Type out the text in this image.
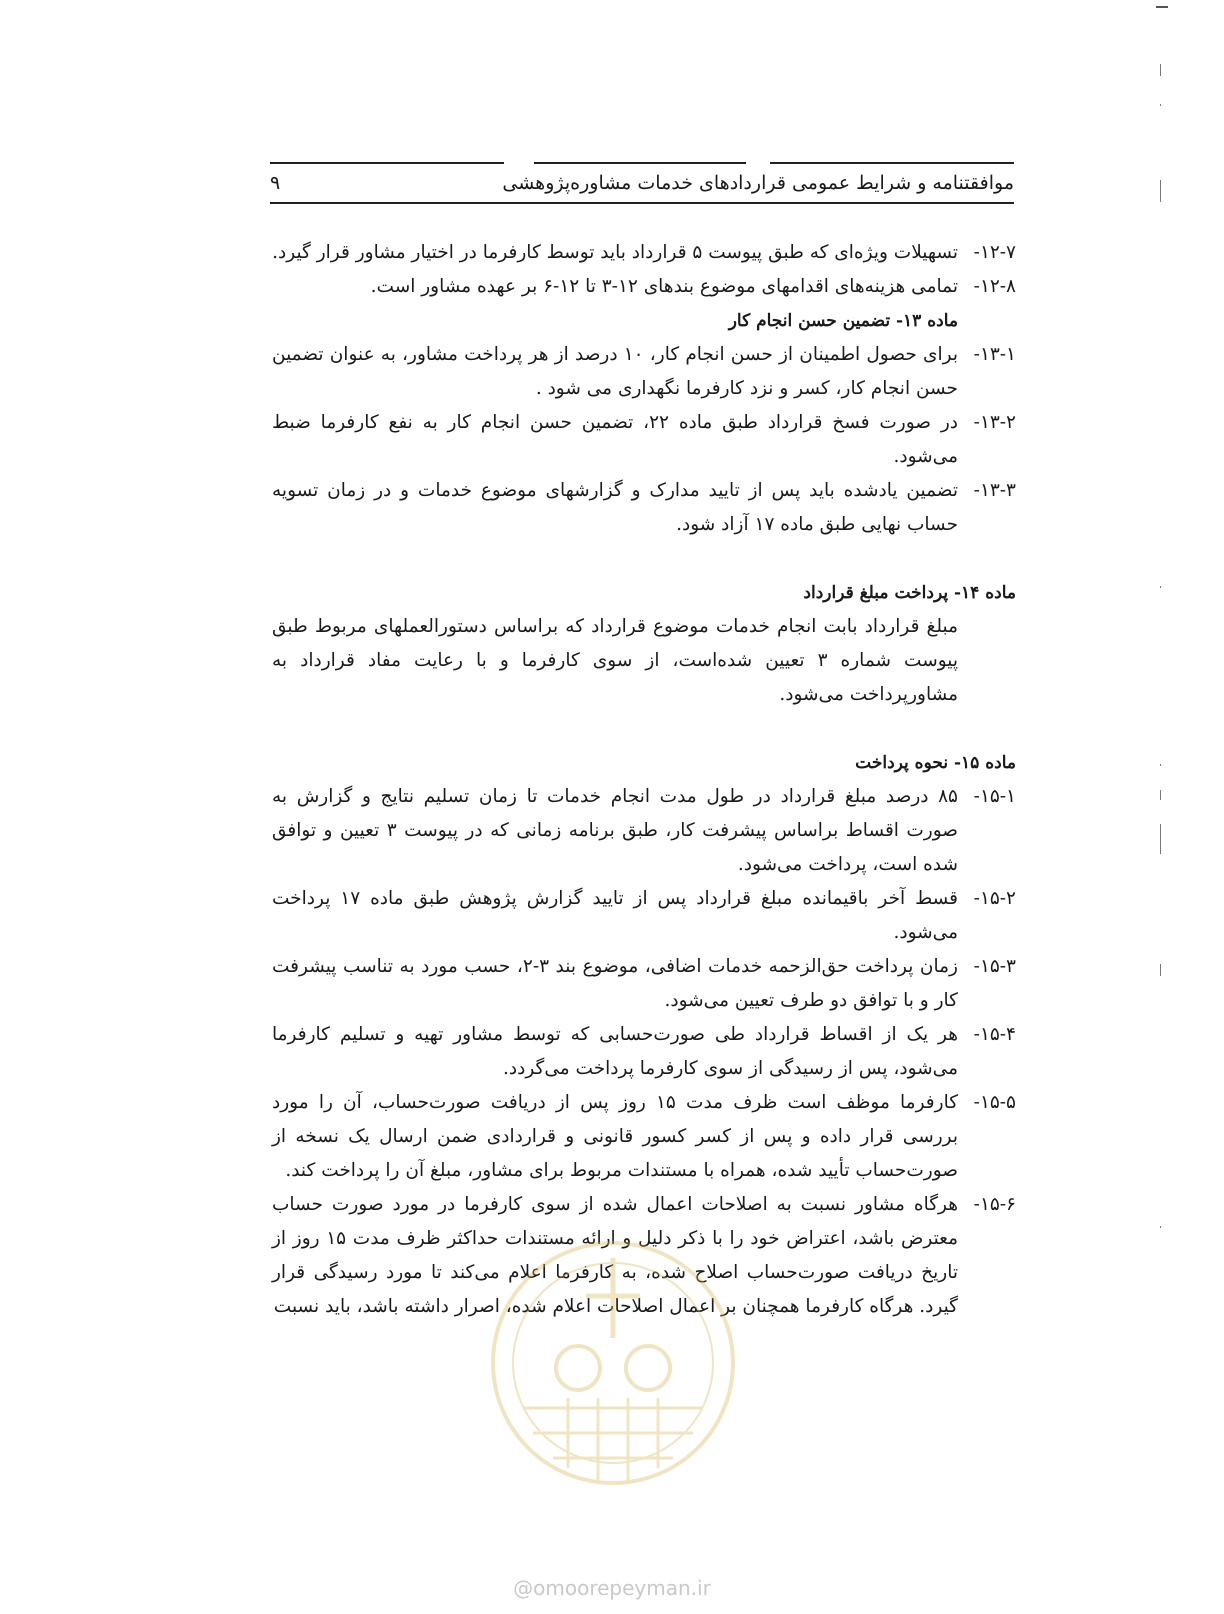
موافقتنامه و شرایط عمومی قراردادهای خدمات مشاوره‌پژوهشی
۹

۱۲-۷-
تسهیلات ویژه‌ای که طبق پیوست ۵ قرارداد باید توسط کارفرما در اختیار مشاور قرار گیرد.

۱۲-۸-
تمامی هزینه‌های اقدامهای موضوع بندهای ۱۲-۳ تا ۱۲-۶ بر عهده مشاور است.

ماده ۱۳- تضمین حسن انجام کار

۱۳-۱-
برای حصول اطمینان از حسن انجام کار، ۱۰ درصد از هر پرداخت مشاور، به عنوان تضمین حسن انجام کار، کسر و نزد کارفرما نگهداری می شود .

۱۳-۲-
در صورت فسخ قرارداد طبق ماده ۲۲، تضمین حسن انجام کار به نفع کارفرما ضبط می‌شود.

۱۳-۳-
تضمین یادشده باید پس از تایید مدارک و گزارشهای موضوع خدمات و در زمان تسویه حساب نهایی طبق ماده ۱۷ آزاد شود.

ماده ۱۴- پرداخت مبلغ قرارداد

مبلغ قرارداد بابت انجام خدمات موضوع قرارداد که براساس دستورالعملهای مربوط طبق پیوست شماره ۳ تعیین شده‌است، از سوی کارفرما و با رعایت مفاد قرارداد به مشاورپرداخت می‌شود.

ماده ۱۵- نحوه پرداخت

۱۵-۱-
۸۵ درصد مبلغ قرارداد در طول مدت انجام خدمات تا زمان تسلیم نتایج و گزارش به صورت اقساط براساس پیشرفت کار، طبق برنامه زمانی که در پیوست ۳ تعیین و توافق شده است، پرداخت می‌شود.

۱۵-۲-
قسط آخر باقیمانده مبلغ قرارداد پس از تایید گزارش پژوهش طبق ماده ۱۷ پرداخت می‌شود.

۱۵-۳-
زمان پرداخت حق‌الزحمه خدمات اضافی، موضوع بند ۳-۲، حسب مورد به تناسب پیشرفت کار و با توافق دو طرف تعیین می‌شود.

۱۵-۴-
هر یک از اقساط قرارداد طی صورت‌حسابی که توسط مشاور تهیه و تسلیم کارفرما می‌شود، پس از رسیدگی از سوی کارفرما پرداخت می‌گردد.

۱۵-۵-
کارفرما موظف است ظرف مدت ۱۵ روز پس از دریافت صورت‌حساب، آن را مورد بررسی قرار داده و پس از کسر کسور قانونی و قراردادی ضمن ارسال یک نسخه از صورت‌حساب تأیید شده، همراه با مستندات مربوط برای مشاور، مبلغ آن را پرداخت کند.

۱۵-۶-
هرگاه مشاور نسبت به اصلاحات اعمال شده از سوی کارفرما در مورد صورت حساب معترض باشد، اعتراض خود را با ذکر دلیل و ارائه مستندات حداکثر ظرف مدت ۱۵ روز از تاریخ دریافت صورت‌حساب اصلاح شده، به کارفرما اعلام می‌کند تا مورد رسیدگی قرار گیرد. هرگاه کارفرما همچنان بر اعمال اصلاحات اعلام شده، اصرار داشته باشد، باید نسبت

@omoorepeyman.ir
